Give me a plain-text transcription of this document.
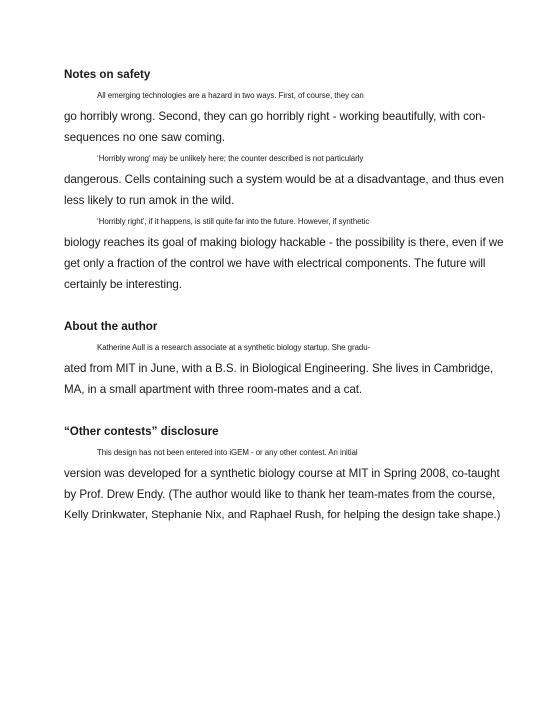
Notes on safety

All emerging technologies are a hazard in two ways. First, of course, they can
go horribly wrong. Second, they can go horribly right - working beautifully, with con-
sequences no one saw coming.

‘Horribly wrong’ may be unlikely here; the counter described is not particularly
dangerous. Cells containing such a system would be at a disadvantage, and thus even
less likely to run amok in the wild.

‘Horribly right’, if it happens, is still quite far into the future. However, if synthetic
biology reaches its goal of making biology hackable - the possibility is there, even if we
get only a fraction of the control we have with electrical components. The future will
certainly be interesting.

About the author

Katherine Aull is a research associate at a synthetic biology startup. She gradu-
ated from MIT in June, with a B.S. in Biological Engineering. She lives in Cambridge,
MA, in a small apartment with three room-mates and a cat.

“Other contests” disclosure

This design has not been entered into iGEM - or any other contest. An initial
version was developed for a synthetic biology course at MIT in Spring 2008, co-taught
by Prof. Drew Endy. (The author would like to thank her team-mates from the course,
Kelly Drinkwater, Stephanie Nix, and Raphael Rush, for helping the design take shape.)
